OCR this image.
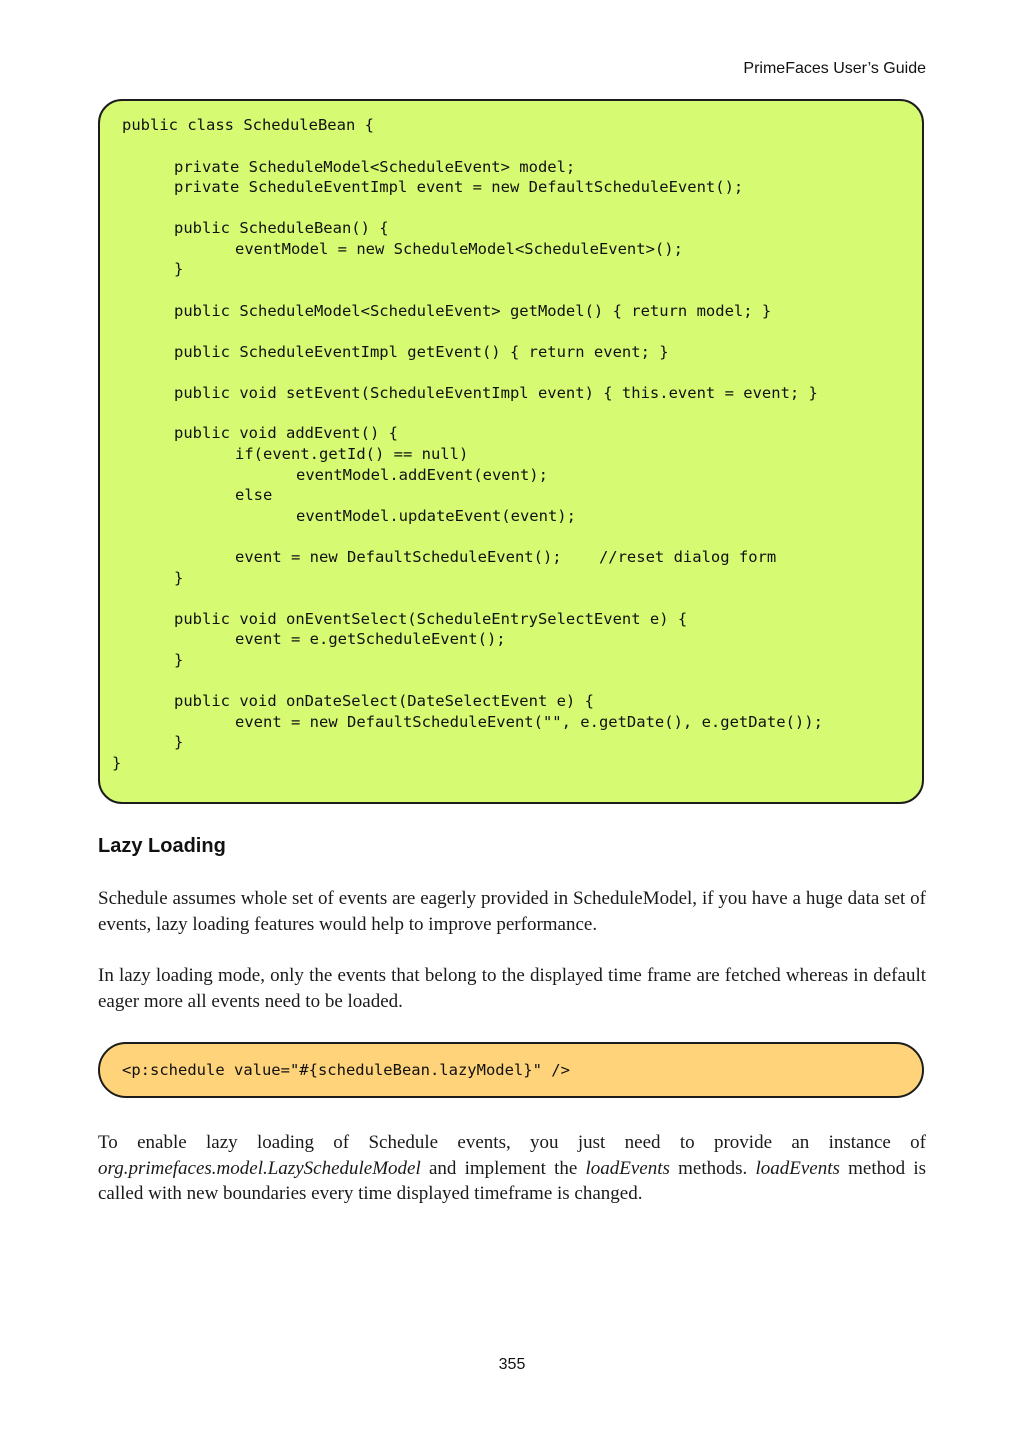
PrimeFaces User’s Guide
public class ScheduleBean {
private ScheduleModel<ScheduleEvent> model;
private ScheduleEventImpl event = new DefaultScheduleEvent();
public ScheduleBean() {
eventModel = new ScheduleModel<ScheduleEvent>();
}
public ScheduleModel<ScheduleEvent> getModel() { return model; }
public ScheduleEventImpl getEvent() { return event; }
public void setEvent(ScheduleEventImpl event) { this.event = event; }
public void addEvent() {
if(event.getId() == null)
eventModel.addEvent(event);
else
eventModel.updateEvent(event);
event = new DefaultScheduleEvent();    //reset dialog form
}
public void onEventSelect(ScheduleEntrySelectEvent e) {
event = e.getScheduleEvent();
}
public void onDateSelect(DateSelectEvent e) {
event = new DefaultScheduleEvent("", e.getDate(), e.getDate());
}
}
Lazy Loading
Schedule assumes whole set of events are eagerly provided in ScheduleModel, if you have a huge data set of events, lazy loading features would help to improve performance.
In lazy loading mode, only the events that belong to the displayed time frame are fetched whereas in default eager more all events need to be loaded.
<p:schedule value="#{scheduleBean.lazyModel}" />
To enable lazy loading of Schedule events, you just need to provide an instance of org.primefaces.model.LazyScheduleModel and implement the loadEvents methods. loadEvents method is called with new boundaries every time displayed timeframe is changed.
355
